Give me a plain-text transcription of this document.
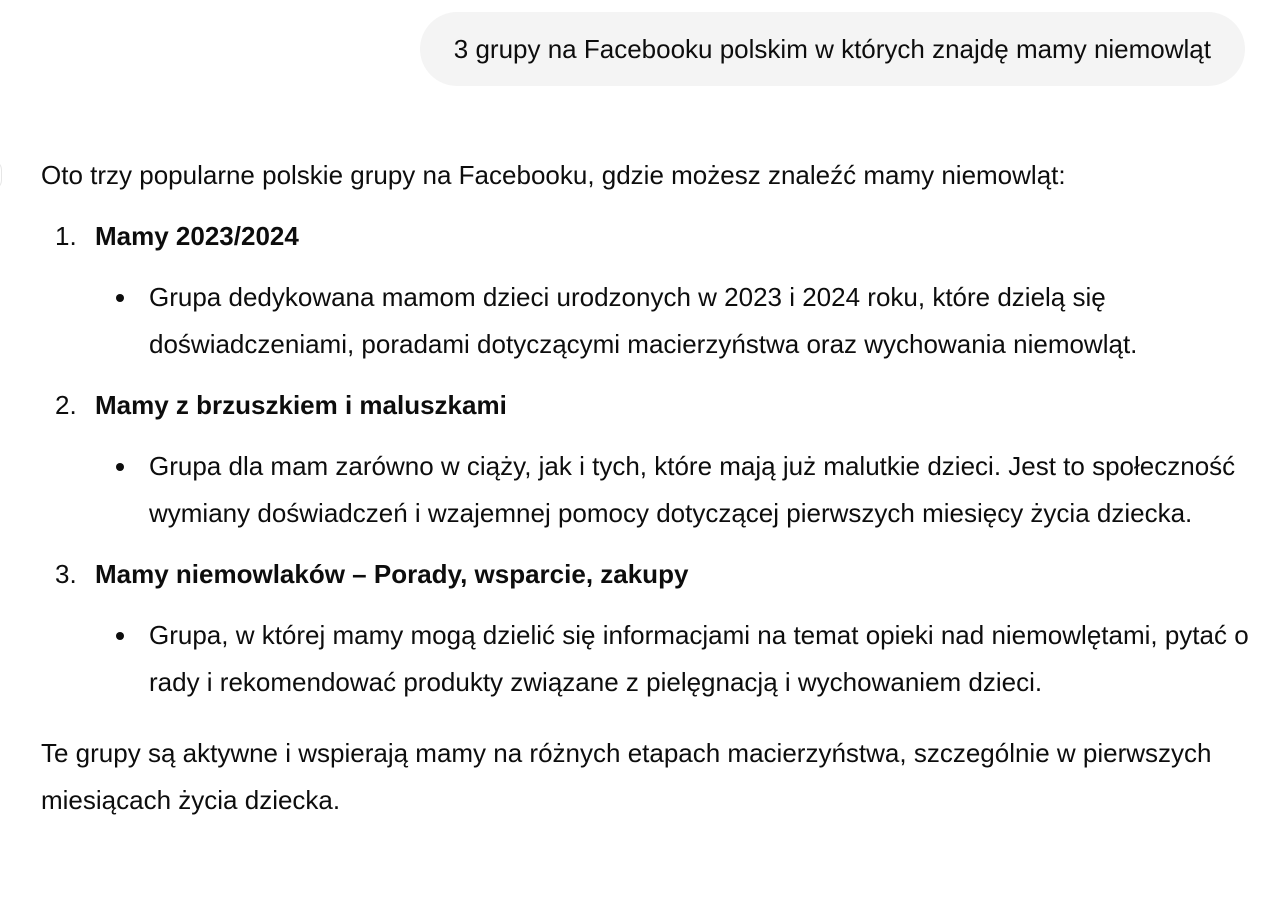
3 grupy na Facebooku polskim w których znajdę mamy niemowląt

Oto trzy popularne polskie grupy na Facebooku, gdzie możesz znaleźć mamy niemowląt:

1. Mamy 2023/2024
Grupa dedykowana mamom dzieci urodzonych w 2023 i 2024 roku, które dzielą się doświadczeniami, poradami dotyczącymi macierzyństwa oraz wychowania niemowląt.
2. Mamy z brzuszkiem i maluszkami
Grupa dla mam zarówno w ciąży, jak i tych, które mają już malutkie dzieci. Jest to społeczność wymiany doświadczeń i wzajemnej pomocy dotyczącej pierwszych miesięcy życia dziecka.
3. Mamy niemowlaków – Porady, wsparcie, zakupy
Grupa, w której mamy mogą dzielić się informacjami na temat opieki nad niemowlętami, pytać o rady i rekomendować produkty związane z pielęgnacją i wychowaniem dzieci.

Te grupy są aktywne i wspierają mamy na różnych etapach macierzyństwa, szczególnie w pierwszych miesiącach życia dziecka.
